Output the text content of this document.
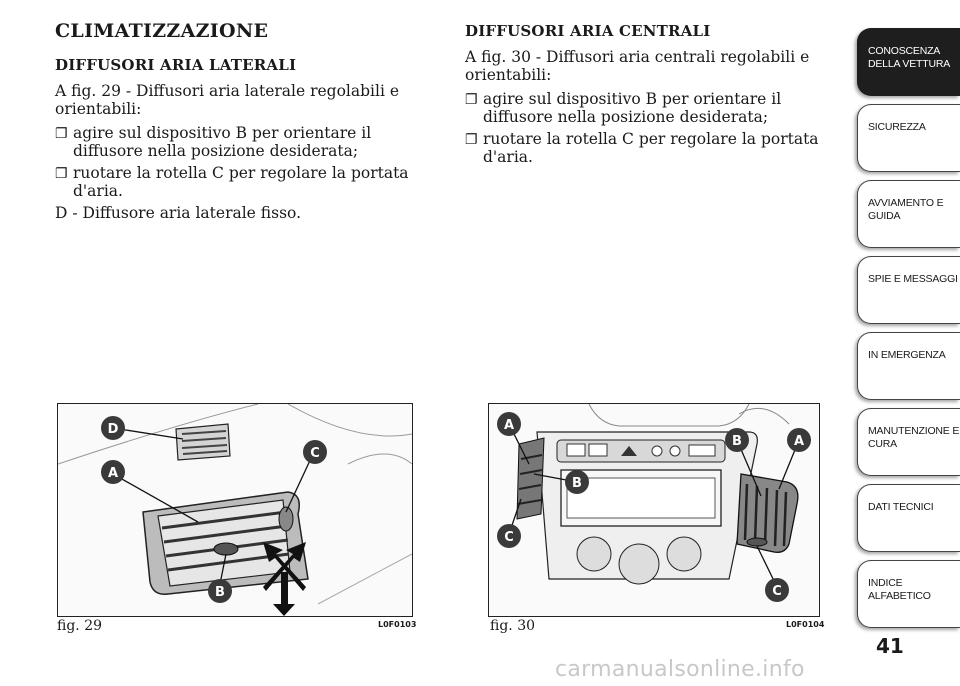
CLIMATIZZAZIONE
DIFFUSORI ARIA LATERALI

A fig. 29 - Diffusori aria laterale regolabili e orientabili:

❐ agire sul dispositivo B per orientare il diffusore nella posizione desiderata;
❐ ruotare la rotella C per regolare la portata d'aria.

D - Diffusore aria laterale fisso.

DIFFUSORI ARIA CENTRALI

A fig. 30 - Diffusori aria centrali regolabili e orientabili:

❐ agire sul dispositivo B per orientare il diffusore nella posizione desiderata;
❐ ruotare la rotella C per regolare la portata d'aria.
D
A
C
B
fig. 29	L0F0103
A
B
C
B	A
C
fig. 30	L0F0104
CONOSCENZA
DELLA VETTURA
SICUREZZA
AVVIAMENTO E
GUIDA
SPIE E MESSAGGI
IN EMERGENZA
MANUTENZIONE E
CURA
DATI TECNICI
INDICE
ALFABETICO
41
carmanualsonline.info
